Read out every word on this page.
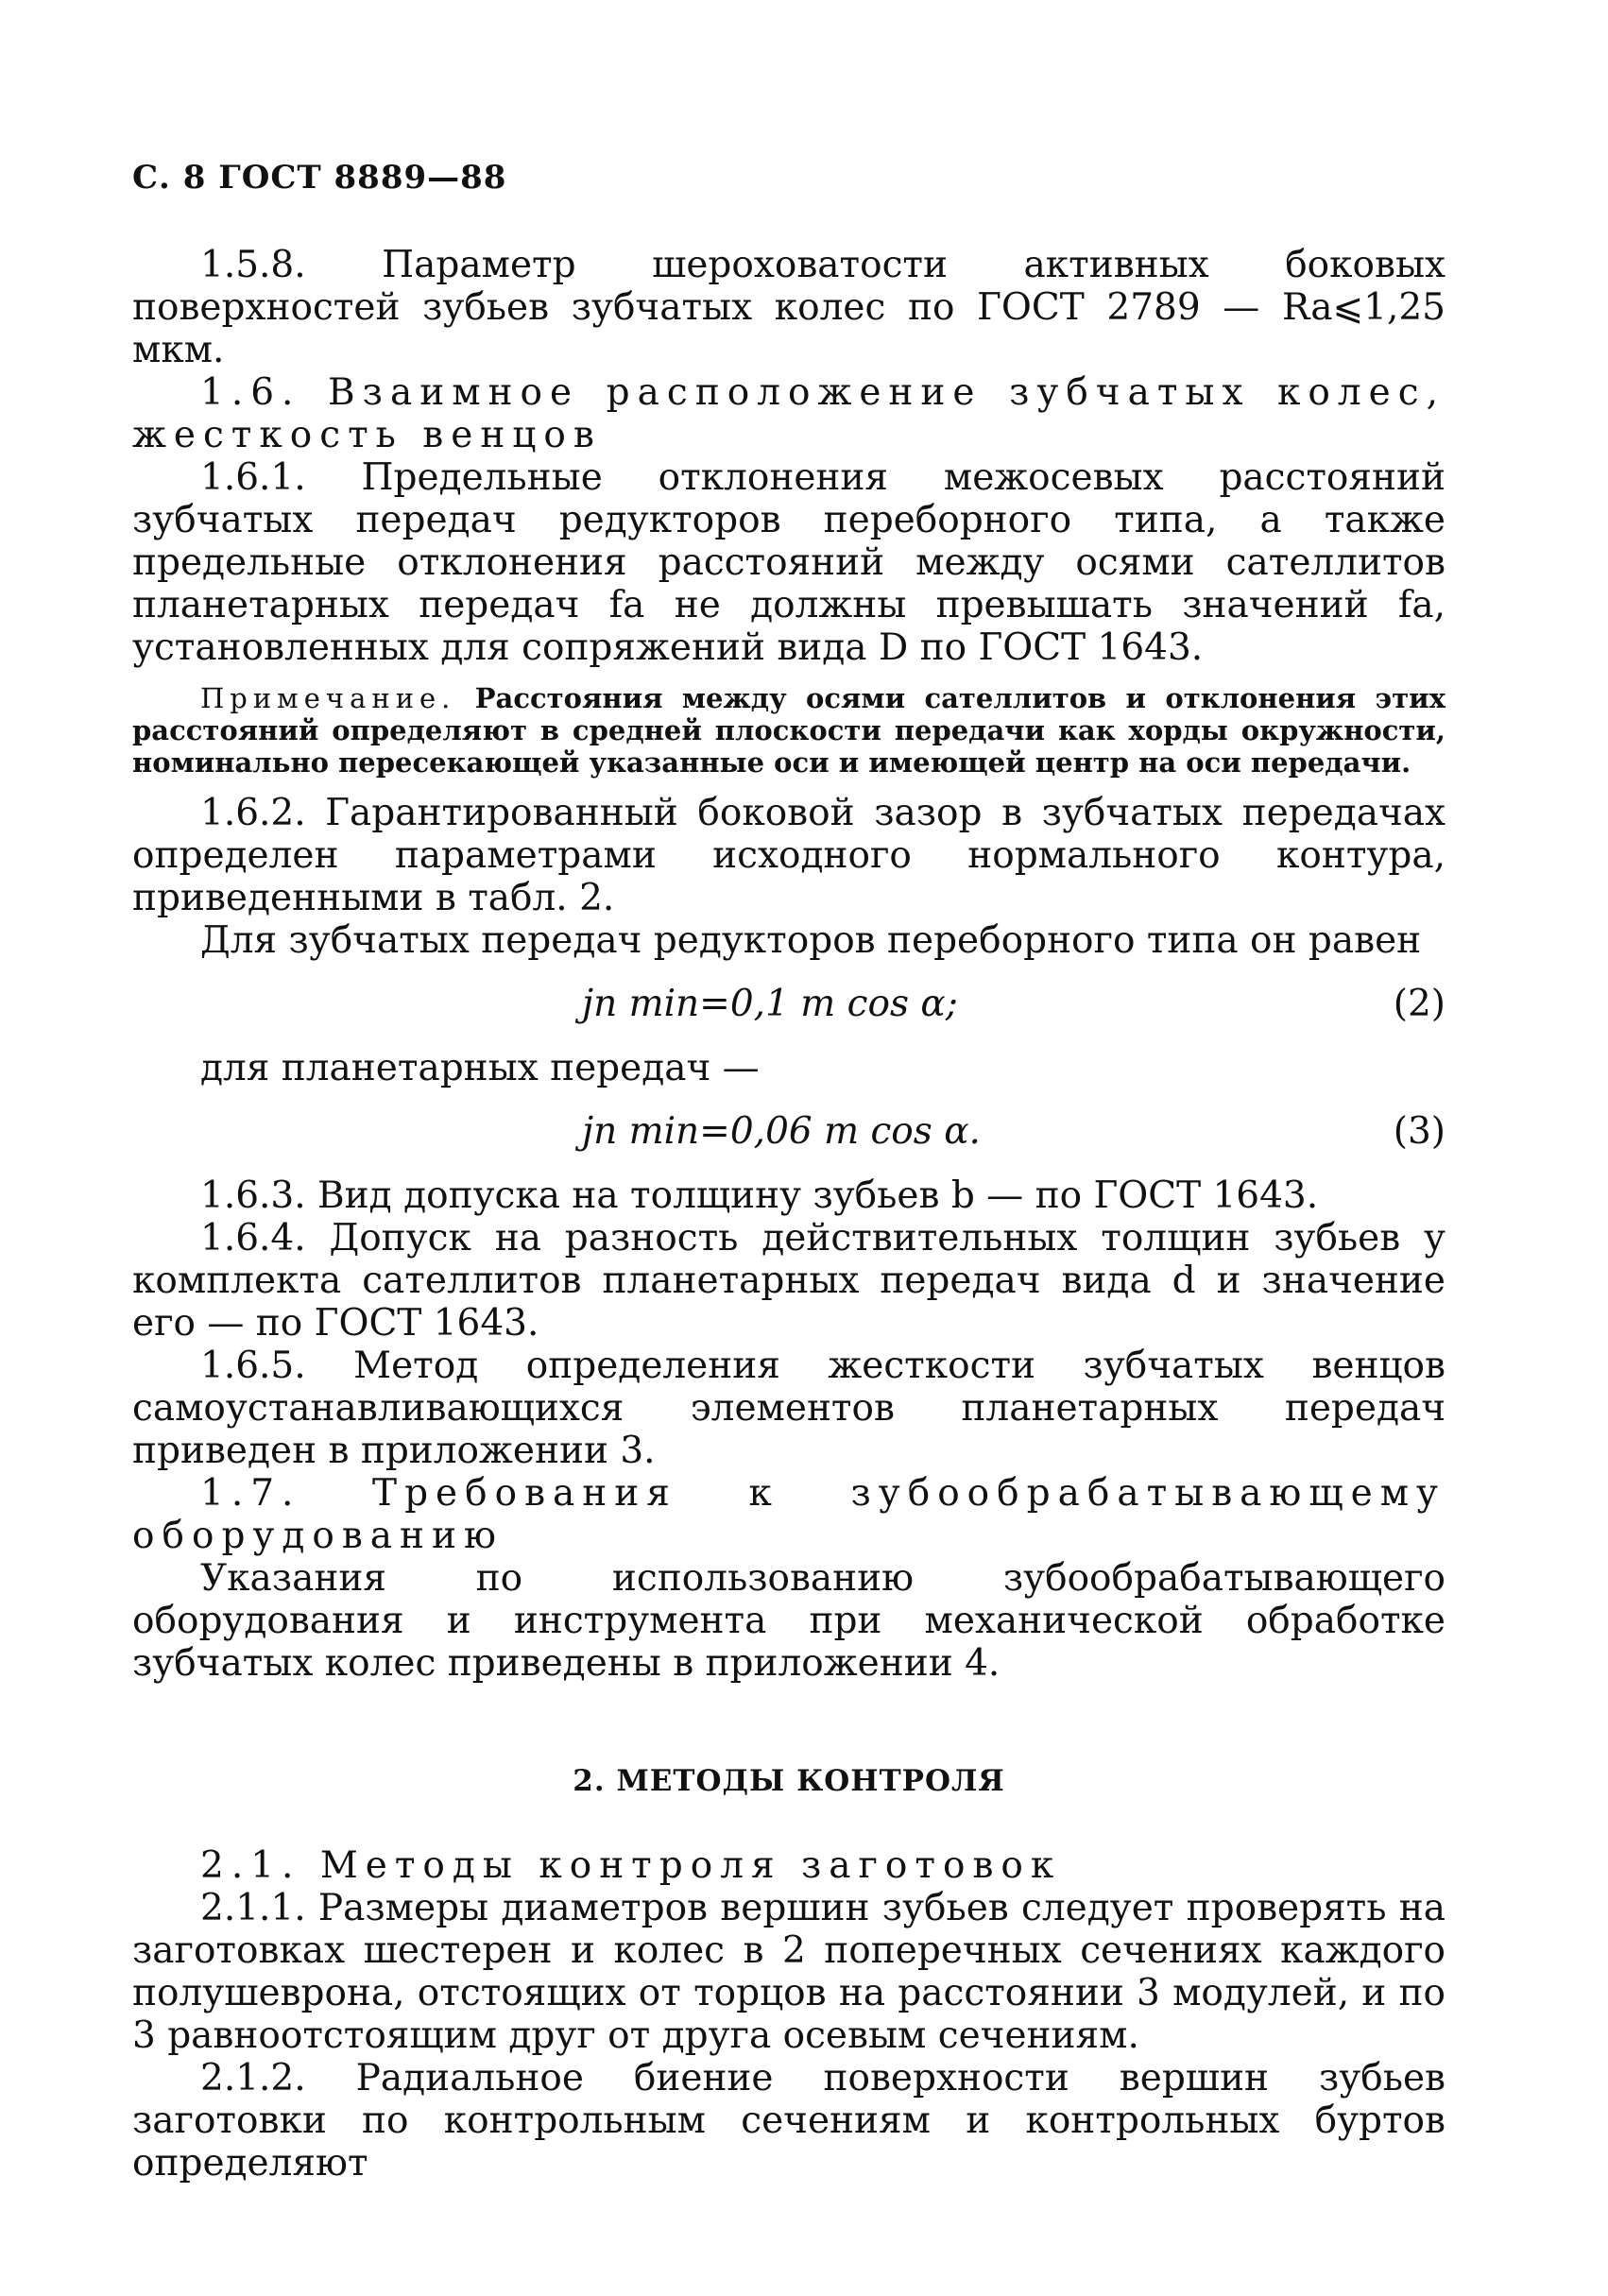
С. 8 ГОСТ 8889—88

1.5.8. Параметр шероховатости активных боковых поверхностей зубьев зубчатых колес по ГОСТ 2789 — Ra⩽1,25 мкм.

1.6. Взаимное расположение зубчатых колес, жесткость венцов

1.6.1. Предельные отклонения межосевых расстояний зубчатых передач редукторов переборного типа, а также предельные отклонения расстояний между осями сателлитов планетарных передач fa не должны превышать значений fa, установленных для сопряжений вида D по ГОСТ 1643.

Примечание. Расстояния между осями сателлитов и отклонения этих расстояний определяют в средней плоскости передачи как хорды окружности, номинально пересекающей указанные оси и имеющей центр на оси передачи.

1.6.2. Гарантированный боковой зазор в зубчатых передачах определен параметрами исходного нормального контура, приведенными в табл. 2.

Для зубчатых передач редукторов переборного типа он равен

jn min=0,1 m cos α;	(2)

для планетарных передач —

jn min=0,06 m cos α.	(3)

1.6.3. Вид допуска на толщину зубьев b — по ГОСТ 1643.

1.6.4. Допуск на разность действительных толщин зубьев у комплекта сателлитов планетарных передач вида d и значение его — по ГОСТ 1643.

1.6.5. Метод определения жесткости зубчатых венцов самоустанавливающихся элементов планетарных передач приведен в приложении 3.

1.7. Требования к зубообрабатывающему оборудованию

Указания по использованию зубообрабатывающего оборудования и инструмента при механической обработке зубчатых колес приведены в приложении 4.

2. МЕТОДЫ КОНТРОЛЯ

2.1. Методы контроля заготовок

2.1.1. Размеры диаметров вершин зубьев следует проверять на заготовках шестерен и колес в 2 поперечных сечениях каждого полушеврона, отстоящих от торцов на расстоянии 3 модулей, и по 3 равноотстоящим друг от друга осевым сечениям.

2.1.2. Радиальное биение поверхности вершин зубьев заготовки по контрольным сечениям и контрольных буртов определяют
